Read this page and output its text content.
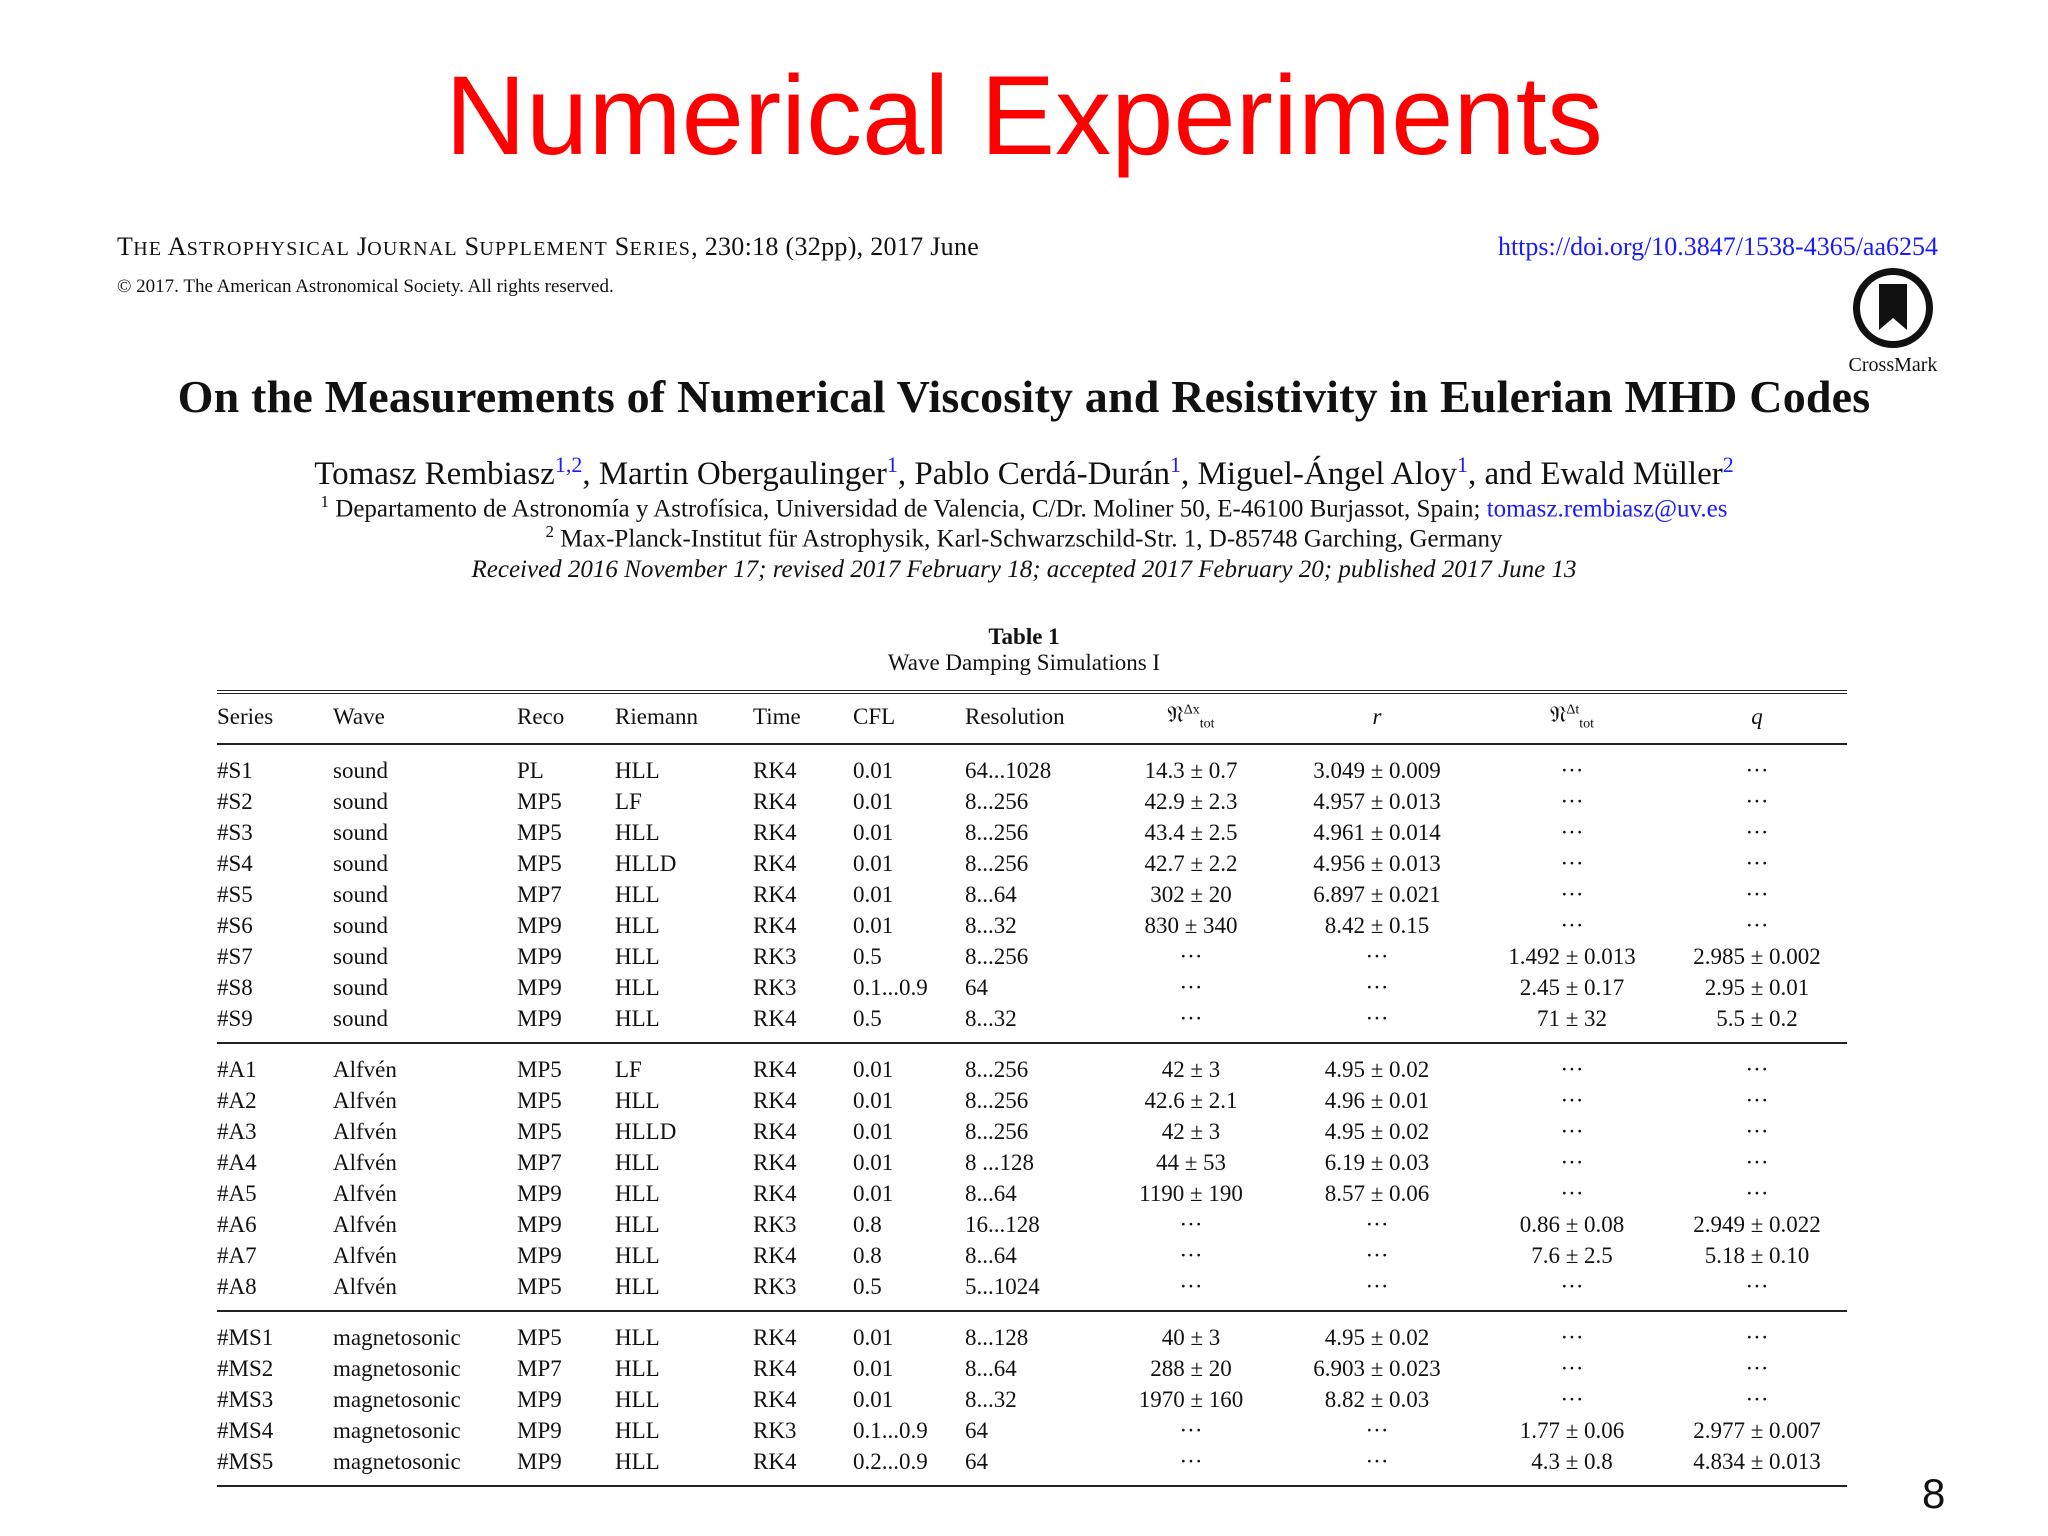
Numerical Experiments
THE ASTROPHYSICAL JOURNAL SUPPLEMENT SERIES, 230:18 (32pp), 2017 June
© 2017. The American Astronomical Society. All rights reserved.
https://doi.org/10.3847/1538-4365/aa6254
CrossMark
On the Measurements of Numerical Viscosity and Resistivity in Eulerian MHD Codes
Tomasz Rembiasz$^{1,2}$, Martin Obergaulinger$^1$, Pablo Cerdá-Durán$^1$, Miguel-Ángel Aloy$^1$, and Ewald Müller$^2$
$^1$ Departamento de Astronomía y Astrofísica, Universidad de Valencia, C/Dr. Moliner 50, E-46100 Burjassot, Spain; tomasz.rembiasz@uv.es
$^2$ Max-Planck-Institut für Astrophysik, Karl-Schwarzschild-Str. 1, D-85748 Garching, Germany
Received 2016 November 17; revised 2017 February 18; accepted 2017 February 20; published 2017 June 13
Table 1
Wave Damping Simulations I
Series	Wave	Reco	Riemann	Time	CFL	Resolution	𝔑$^{\Delta x}_{tot}$	r	𝔑$^{\Delta t}_{tot}$	q
#S1	sound	PL	HLL	RK4	0.01	64...1028	14.3 ± 0.7	3.049 ± 0.009	···	···
#S2	sound	MP5	LF	RK4	0.01	8...256	42.9 ± 2.3	4.957 ± 0.013	···	···
#S3	sound	MP5	HLL	RK4	0.01	8...256	43.4 ± 2.5	4.961 ± 0.014	···	···
#S4	sound	MP5	HLLD	RK4	0.01	8...256	42.7 ± 2.2	4.956 ± 0.013	···	···
#S5	sound	MP7	HLL	RK4	0.01	8...64	302 ± 20	6.897 ± 0.021	···	···
#S6	sound	MP9	HLL	RK4	0.01	8...32	830 ± 340	8.42 ± 0.15	···	···
#S7	sound	MP9	HLL	RK3	0.5	8...256	···	···	1.492 ± 0.013	2.985 ± 0.002
#S8	sound	MP9	HLL	RK3	0.1...0.9	64	···	···	2.45 ± 0.17	2.95 ± 0.01
#S9	sound	MP9	HLL	RK4	0.5	8...32	···	···	71 ± 32	5.5 ± 0.2
#A1	Alfvén	MP5	LF	RK4	0.01	8...256	42 ± 3	4.95 ± 0.02	···	···
#A2	Alfvén	MP5	HLL	RK4	0.01	8...256	42.6 ± 2.1	4.96 ± 0.01	···	···
#A3	Alfvén	MP5	HLLD	RK4	0.01	8...256	42 ± 3	4.95 ± 0.02	···	···
#A4	Alfvén	MP7	HLL	RK4	0.01	8 ...128	44 ± 53	6.19 ± 0.03	···	···
#A5	Alfvén	MP9	HLL	RK4	0.01	8...64	1190 ± 190	8.57 ± 0.06	···	···
#A6	Alfvén	MP9	HLL	RK3	0.8	16...128	···	···	0.86 ± 0.08	2.949 ± 0.022
#A7	Alfvén	MP9	HLL	RK4	0.8	8...64	···	···	7.6 ± 2.5	5.18 ± 0.10
#A8	Alfvén	MP5	HLL	RK3	0.5	5...1024	···	···	···	···
#MS1	magnetosonic	MP5	HLL	RK4	0.01	8...128	40 ± 3	4.95 ± 0.02	···	···
#MS2	magnetosonic	MP7	HLL	RK4	0.01	8...64	288 ± 20	6.903 ± 0.023	···	···
#MS3	magnetosonic	MP9	HLL	RK4	0.01	8...32	1970 ± 160	8.82 ± 0.03	···	···
#MS4	magnetosonic	MP9	HLL	RK3	0.1...0.9	64	···	···	1.77 ± 0.06	2.977 ± 0.007
#MS5	magnetosonic	MP9	HLL	RK4	0.2...0.9	64	···	···	4.3 ± 0.8	4.834 ± 0.013
8
